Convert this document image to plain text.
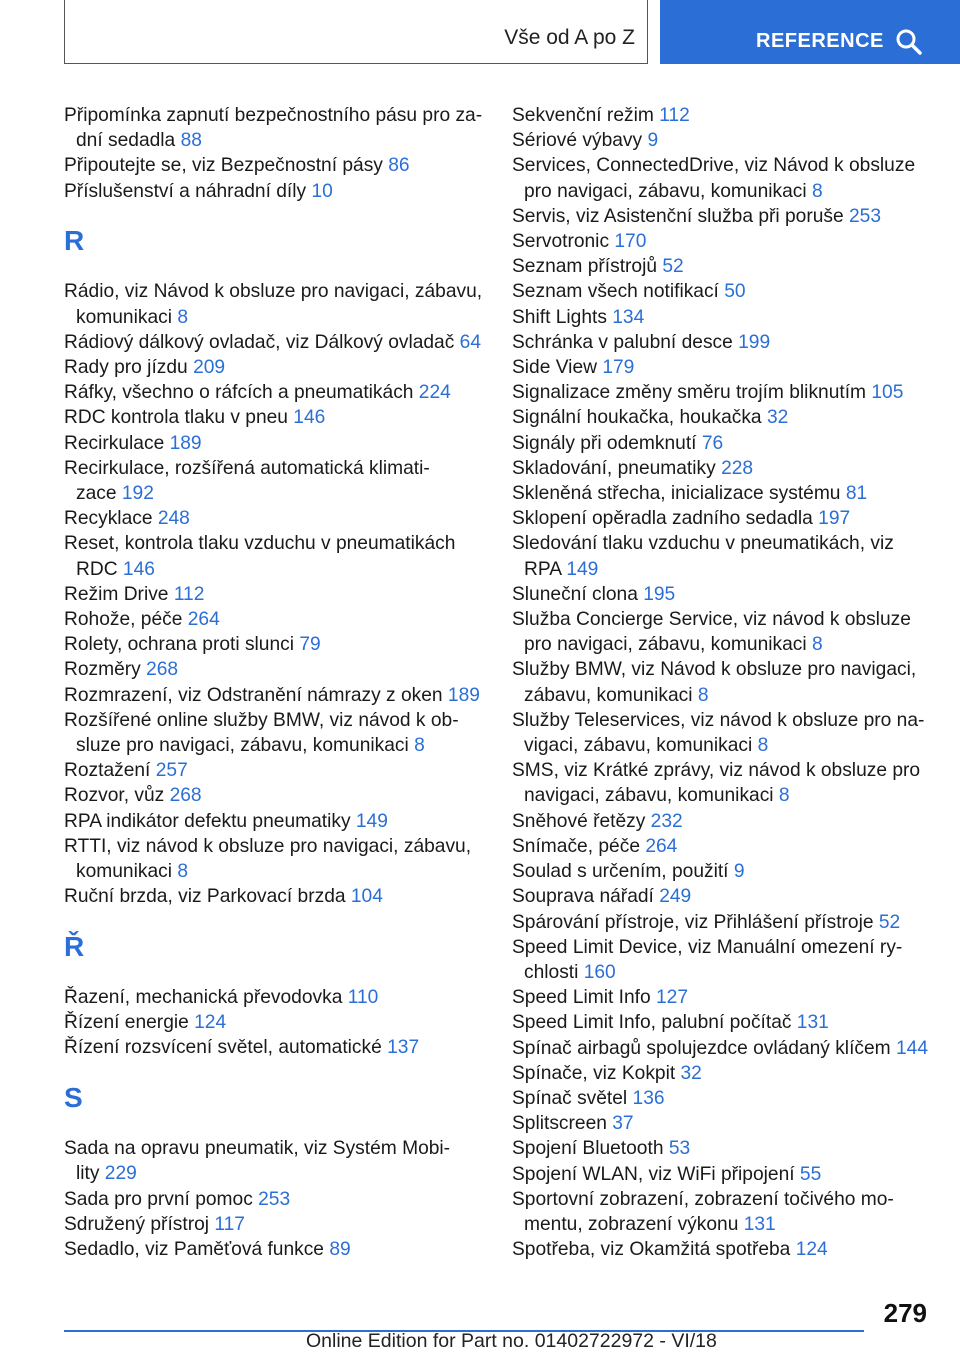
Vše od A po Z	REFERENCE
Připomínka zapnutí bezpečnostního pásu pro za-
dní sedadla 88
Připoutejte se, viz Bezpečnostní pásy 86
Příslušenství a náhradní díly 10
R
Rádio, viz Návod k obsluze pro navigaci, zábavu,
komunikaci 8
Rádiový dálkový ovladač, viz Dálkový ovladač 64
Rady pro jízdu 209
Ráfky, všechno o ráfcích a pneumatikách 224
RDC kontrola tlaku v pneu 146
Recirkulace 189
Recirkulace, rozšířená automatická klimati-
zace 192
Recyklace 248
Reset, kontrola tlaku vzduchu v pneumatikách
RDC 146
Režim Drive 112
Rohože, péče 264
Rolety, ochrana proti slunci 79
Rozměry 268
Rozmrazení, viz Odstranění námrazy z oken 189
Rozšířené online služby BMW, viz návod k ob-
sluze pro navigaci, zábavu, komunikaci 8
Roztažení 257
Rozvor, vůz 268
RPA indikátor defektu pneumatiky 149
RTTI, viz návod k obsluze pro navigaci, zábavu,
komunikaci 8
Ruční brzda, viz Parkovací brzda 104
Ř
Řazení, mechanická převodovka 110
Řízení energie 124
Řízení rozsvícení světel, automatické 137
S
Sada na opravu pneumatik, viz Systém Mobi-
lity 229
Sada pro první pomoc 253
Sdružený přístroj 117
Sedadlo, viz Paměťová funkce 89
Sekvenční režim 112
Sériové výbavy 9
Services, ConnectedDrive, viz Návod k obsluze
pro navigaci, zábavu, komunikaci 8
Servis, viz Asistenční služba při poruše 253
Servotronic 170
Seznam přístrojů 52
Seznam všech notifikací 50
Shift Lights 134
Schránka v palubní desce 199
Side View 179
Signalizace změny směru trojím bliknutím 105
Signální houkačka, houkačka 32
Signály při odemknutí 76
Skladování, pneumatiky 228
Skleněná střecha, inicializace systému 81
Sklopení opěradla zadního sedadla 197
Sledování tlaku vzduchu v pneumatikách, viz
RPA 149
Sluneční clona 195
Služba Concierge Service, viz návod k obsluze
pro navigaci, zábavu, komunikaci 8
Služby BMW, viz Návod k obsluze pro navigaci,
zábavu, komunikaci 8
Služby Teleservices, viz návod k obsluze pro na-
vigaci, zábavu, komunikaci 8
SMS, viz Krátké zprávy, viz návod k obsluze pro
navigaci, zábavu, komunikaci 8
Sněhové řetězy 232
Snímače, péče 264
Soulad s určením, použití 9
Souprava nářadí 249
Spárování přístroje, viz Přihlášení přístroje 52
Speed Limit Device, viz Manuální omezení ry-
chlosti 160
Speed Limit Info 127
Speed Limit Info, palubní počítač 131
Spínač airbagů spolujezdce ovládaný klíčem 144
Spínače, viz Kokpit 32
Spínač světel 136
Splitscreen 37
Spojení Bluetooth 53
Spojení WLAN, viz WiFi připojení 55
Sportovní zobrazení, zobrazení točivého mo-
mentu, zobrazení výkonu 131
Spotřeba, viz Okamžitá spotřeba 124
279
Online Edition for Part no. 01402722972 - VI/18
